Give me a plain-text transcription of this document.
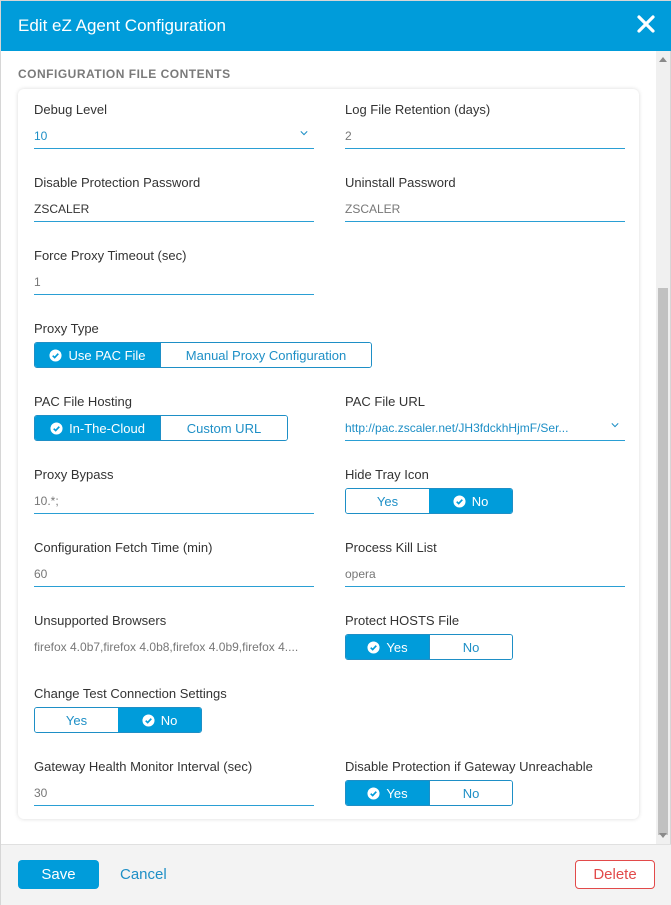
Edit eZ Agent Configuration
CONFIGURATION FILE CONTENTS
Debug Level
10
Log File Retention (days)
2
Disable Protection Password
ZSCALER
Uninstall Password
ZSCALER
Force Proxy Timeout (sec)
1
Proxy Type
Use PAC File	Manual Proxy Configuration
PAC File Hosting
In-The-Cloud	Custom URL
PAC File URL
http://pac.zscaler.net/JH3fdckhHjmF/Ser...
Proxy Bypass
10.*;
Hide Tray Icon
Yes	No
Configuration Fetch Time (min)
60
Process Kill List
opera
Unsupported Browsers
firefox 4.0b7,firefox 4.0b8,firefox 4.0b9,firefox 4....
Protect HOSTS File
Yes	No
Change Test Connection Settings
Yes	No
Gateway Health Monitor Interval (sec)
30
Disable Protection if Gateway Unreachable
Yes	No
Save	Cancel	Delete
